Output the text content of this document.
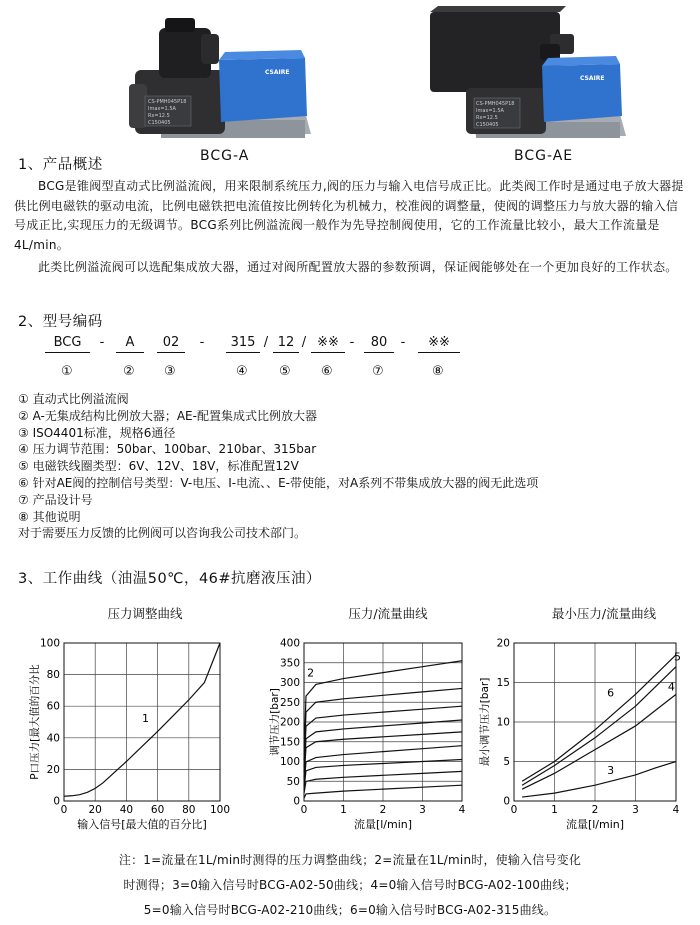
CS-PMH045P18
Imax=1.5A
Rx=12.5
C150405
CSAIRE
BCG-A
CS-PMH045P18
Imax=1.5A
Rx=12.5
C150405
CSAIRE
BCG-AE
1、产品概述
BCG是锥阀型直动式比例溢流阀，用来限制系统压力,阀的压力与输入电信号成正比。此类阀工作时是通过电子放大器提供比例电磁铁的驱动电流，比例电磁铁把电流值按比例转化为机械力，校准阀的调整量，使阀的调整压力与放大器的输入信号成正比,实现压力的无级调节。BCG系列比例溢流阀一般作为先导控制阀使用，它的工作流量比较小，最大工作流量是4L/min。
此类比例溢流阀可以选配集成放大器，通过对阀所配置放大器的参数预调，保证阀能够处在一个更加良好的工作状态。
2、型号编码
BCG	-	A	02	-	315 / 12 / ※※ -	80	-	※※
①	② ③	④ ⑤ ⑥	⑦	⑧
① 直动式比例溢流阀
② A-无集成结构比例放大器；AE-配置集成式比例放大器
③ ISO4401标准，规格6通径
④ 压力调节范围：50bar、100bar、210bar、315bar
⑤ 电磁铁线圈类型：6V、12V、18V，标准配置12V
⑥ 针对AE阀的控制信号类型：V-电压、I-电流、、E-带使能，对A系列不带集成放大器的阀无此选项
⑦ 产品设计号
⑧ 其他说明
对于需要压力反馈的比例阀可以咨询我公司技术部门。
3、工作曲线（油温50℃，46#抗磨液压油）
压力调整曲线	压力/流量曲线	最小压力/流量曲线
0 20 40 60 80 100
0
20
40
60
80
100
输入信号[最大值的百分比]
P口压力[最大值的百分比	1
0	1	2	3	4
0
50
100
150
200
250
300
350
400
流量[l/min]
调节压力[bar]
2
0	1	2	3	4
0
5
10
15
20
流量[l/min]
最小调节压力[bar]
5
6	4
3
注：1=流量在1L/min时测得的压力调整曲线；2=流量在1L/min时，使输入信号变化
时测得；3=0输入信号时BCG-A02-50曲线；4=0输入信号时BCG-A02-100曲线；
5=0输入信号时BCG-A02-210曲线；6=0输入信号时BCG-A02-315曲线。
